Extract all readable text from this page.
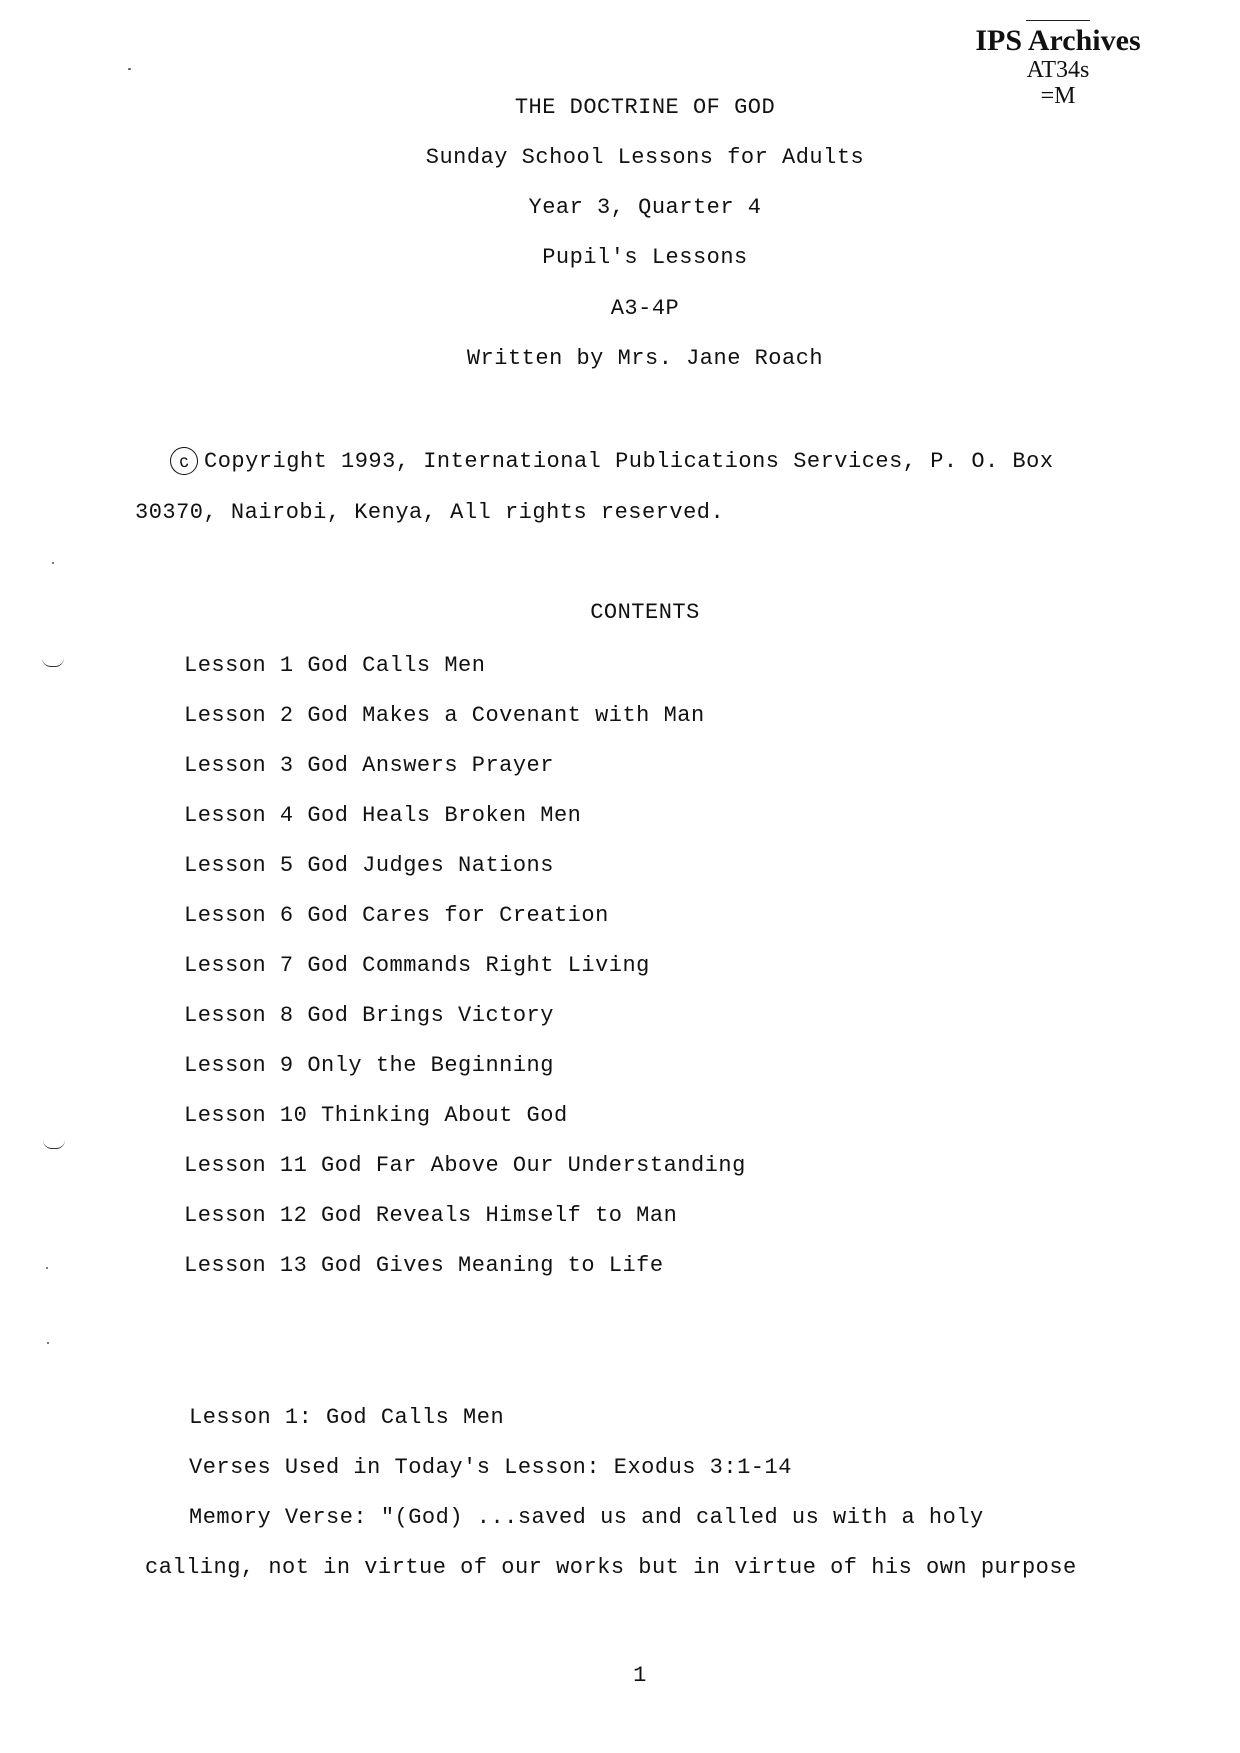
IPS Archives
AT34s
=M
THE DOCTRINE OF GOD
Sunday School Lessons for Adults
Year 3, Quarter 4
Pupil's Lessons
A3-4P
Written by Mrs. Jane Roach
c Copyright 1993, International Publications Services, P. O. Box
30370, Nairobi, Kenya, All rights reserved.
CONTENTS
Lesson 1 God Calls Men
Lesson 2 God Makes a Covenant with Man
Lesson 3 God Answers Prayer
Lesson 4 God Heals Broken Men
Lesson 5 God Judges Nations
Lesson 6 God Cares for Creation
Lesson 7 God Commands Right Living
Lesson 8 God Brings Victory
Lesson 9 Only the Beginning
Lesson 10 Thinking About God
Lesson 11 God Far Above Our Understanding
Lesson 12 God Reveals Himself to Man
Lesson 13 God Gives Meaning to Life
Lesson 1: God Calls Men
Verses Used in Today's Lesson: Exodus 3:1-14
Memory Verse: "(God) ...saved us and called us with a holy
calling, not in virtue of our works but in virtue of his own purpose
1
